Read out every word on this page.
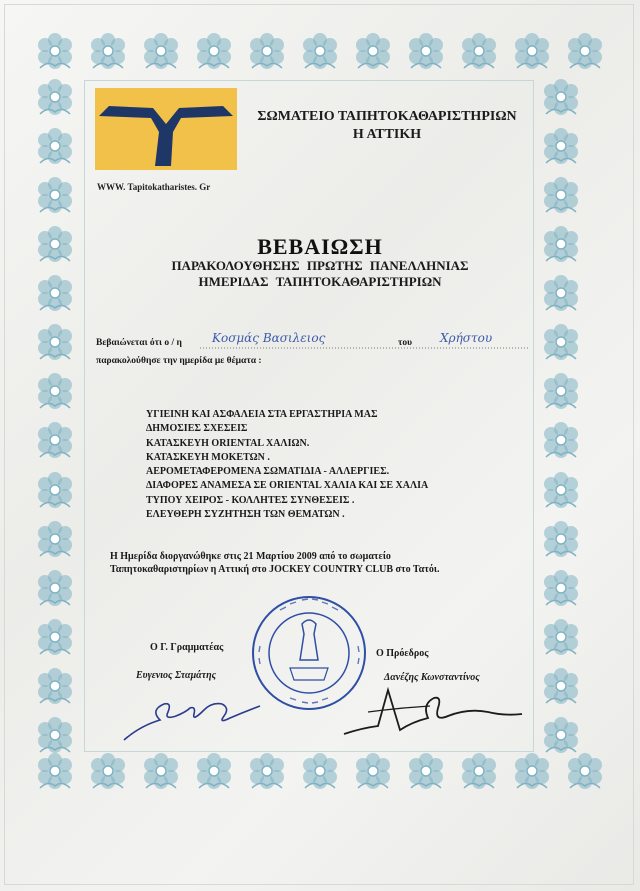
ΣΩΜΑΤΕΙΟ ΤΑΠΗΤΟΚΑΘΑΡΙΣΤΗΡΙΩΝ
Η ΑΤΤΙΚΗ
WWW. Tapitokatharistes. Gr
ΒΕΒΑΙΩΣΗ
ΠΑΡΑΚΟΛΟΥΘΗΣΗΣ ΠΡΩΤΗΣ ΠΑΝΕΛΛΗΝΙΑΣ
ΗΜΕΡΙΔΑΣ ΤΑΠΗΤΟΚΑΘΑΡΙΣΤΗΡΙΩΝ
Βεβαιώνεται ότι ο / η	Κοσμάς Βασιλειος	του Χρήστου
παρακολούθησε την ημερίδα με θέματα :
ΥΓΙΕΙΝΗ ΚΑΙ ΑΣΦΑΛΕΙΑ ΣΤΑ ΕΡΓΑΣΤΗΡΙΑ ΜΑΣ
ΔΗΜΟΣΙΕΣ ΣΧΕΣΕΙΣ
ΚΑΤΑΣΚΕΥΗ ORIENTAL ΧΑΛΙΩΝ.
ΚΑΤΑΣΚΕΥΗ ΜΟΚΕΤΩΝ .
ΑΕΡΟΜΕΤΑΦΕΡΟΜΕΝΑ ΣΩΜΑΤΙΔΙΑ - ΑΛΛΕΡΓΙΕΣ.
ΔΙΑΦΟΡΕΣ ΑΝΑΜΕΣΑ ΣΕ ORIENTAL ΧΑΛΙΑ ΚΑΙ ΣΕ ΧΑΛΙΑ
ΤΥΠΟΥ ΧΕΙΡΟΣ - ΚΟΛΛΗΤΕΣ ΣΥΝΘΕΣΕΙΣ .
ΕΛΕΥΘΕΡΗ ΣΥΖΗΤΗΣΗ ΤΩΝ ΘΕΜΑΤΩΝ .
Η Ημερίδα διοργανώθηκε στις 21 Μαρτίου 2009 από το σωματείο
Ταπητοκαθαριστηρίων η Αττική στο JOCKEY COUNTRY CLUB στο Τατόι.
Ο Γ. Γραμματέας
Ευγενιος Σταμάτης
Ο Πρόεδρος
Δανέζης Κωνσταντίνος
